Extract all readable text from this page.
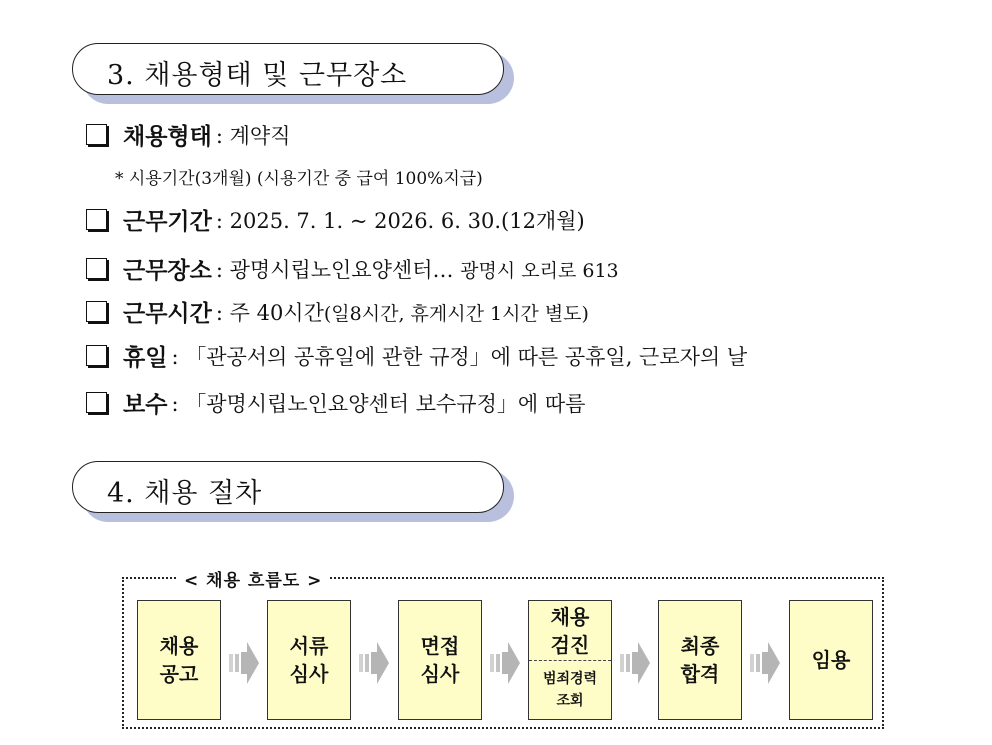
3. 채용형태 및 근무장소
채용형태 : 계약직
* 시용기간(3개월) (시용기간 중 급여 100%지급)
근무기간 : 2025. 7. 1. ~ 2026. 6. 30.(12개월)
근무장소 : 광명시립노인요양센터… 광명시 오리로 613
근무시간 : 주 40시간(일8시간, 휴게시간 1시간 별도)
휴일 : 「관공서의 공휴일에 관한 규정」에 따른 공휴일, 근로자의 날
보수 : 「광명시립노인요양센터 보수규정」에 따름
4. 채용 절차
< 채용 흐름도 >
채용
공고
서류
심사
면접
심사
채용
검진
범죄경력
조회
최종
합격
임용
